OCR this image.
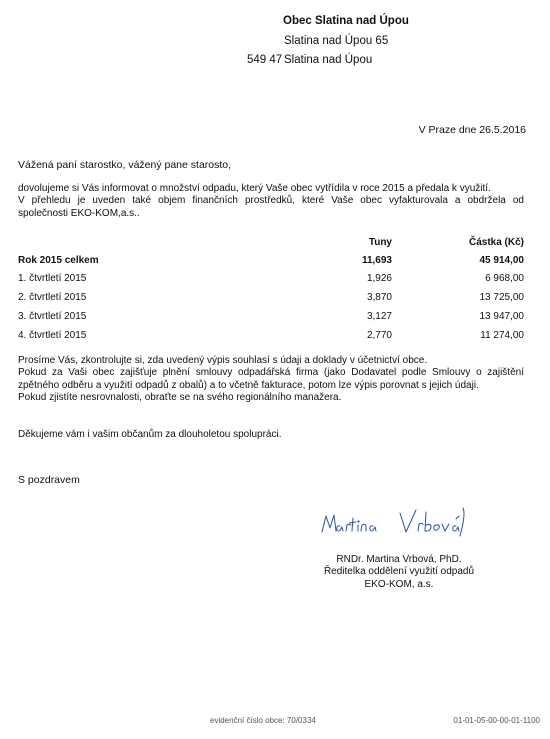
Obec Slatina nad Úpou
Slatina nad Úpou 65
549 47 Slatina nad Úpou
V Praze dne 26.5.2016
Vážená paní starostko, vážený pane starosto,

dovolujeme si Vás informovat o množství odpadu, který Vaše obec vytřídila v roce 2015 a předala k využití.

V přehledu je uveden také objem finančních prostředků, které Vaše obec vyfakturovala a obdržela od

společnosti EKO-KOM,a.s..

	Tuny	Částka (Kč)
Rok 2015 celkem	11,693	45 914,00
1. čtvrtletí 2015	1,926	6 968,00
2. čtvrtletí 2015	3,870	13 725,00
3. čtvrtletí 2015	3,127	13 947,00
4. čtvrtletí 2015	2,770	11 274,00

Prosíme Vás, zkontrolujte si, zda uvedený výpis souhlasí s údaji a doklady v účetnictví obce.

Pokud za Vaši obec zajišťuje plnění smlouvy odpadářská firma (jako Dodavatel podle Smlouvy o zajištění

zpětného odběru a využití odpadů z obalů) a to včetně fakturace, potom lze výpis porovnat s jejich údaji.

Pokud zjistíte nesrovnalosti, obraťte se na svého regionálního manažera.

Děkujeme vám i vašim občanům za dlouholetou spolupráci.
S pozdravem
RNDr. Martina Vrbová, PhD.
Ředitelka oddělení využití odpadů
EKO-KOM, a.s.
evidenční číslo obce: 70/0334	01-01-05-00-00-01-1100
